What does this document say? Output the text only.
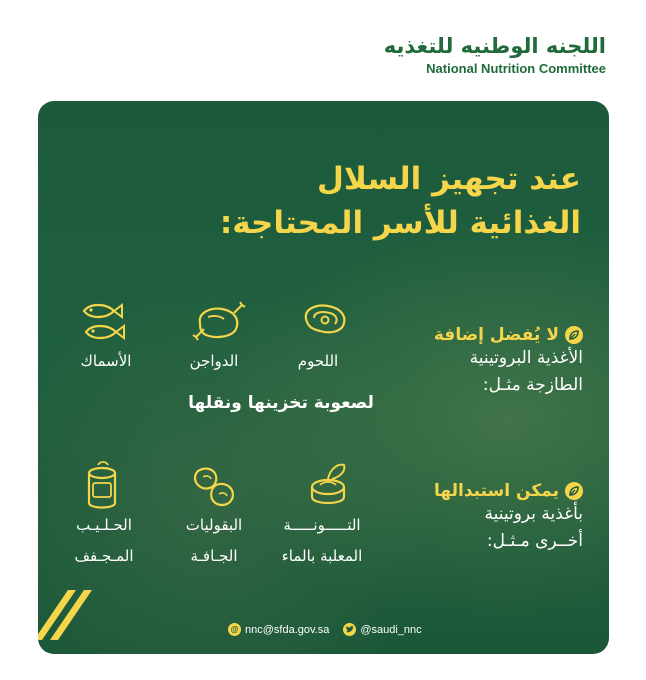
اللجنه الوطنيه للتغذيه
National Nutrition Committee
عند تجهيز السلال
الغذائية للأسر المحتاجة:
اللحوم
الدواجن
الأسماك
لصعوبة تخزينها ونقلها
لا يُفضل إضافة
الأغذية البروتينية
الطازجة مثـل:
يمكن استبدالها
بأغذية بروتينية
أخــرى مـثـل:
التـــــونـــــة
المعلبة بالماء
البقوليات
الجـافـة
الحـلـيـب
المـجـفف
@ nnc@sfda.gov.sa	@saudi_nnc
